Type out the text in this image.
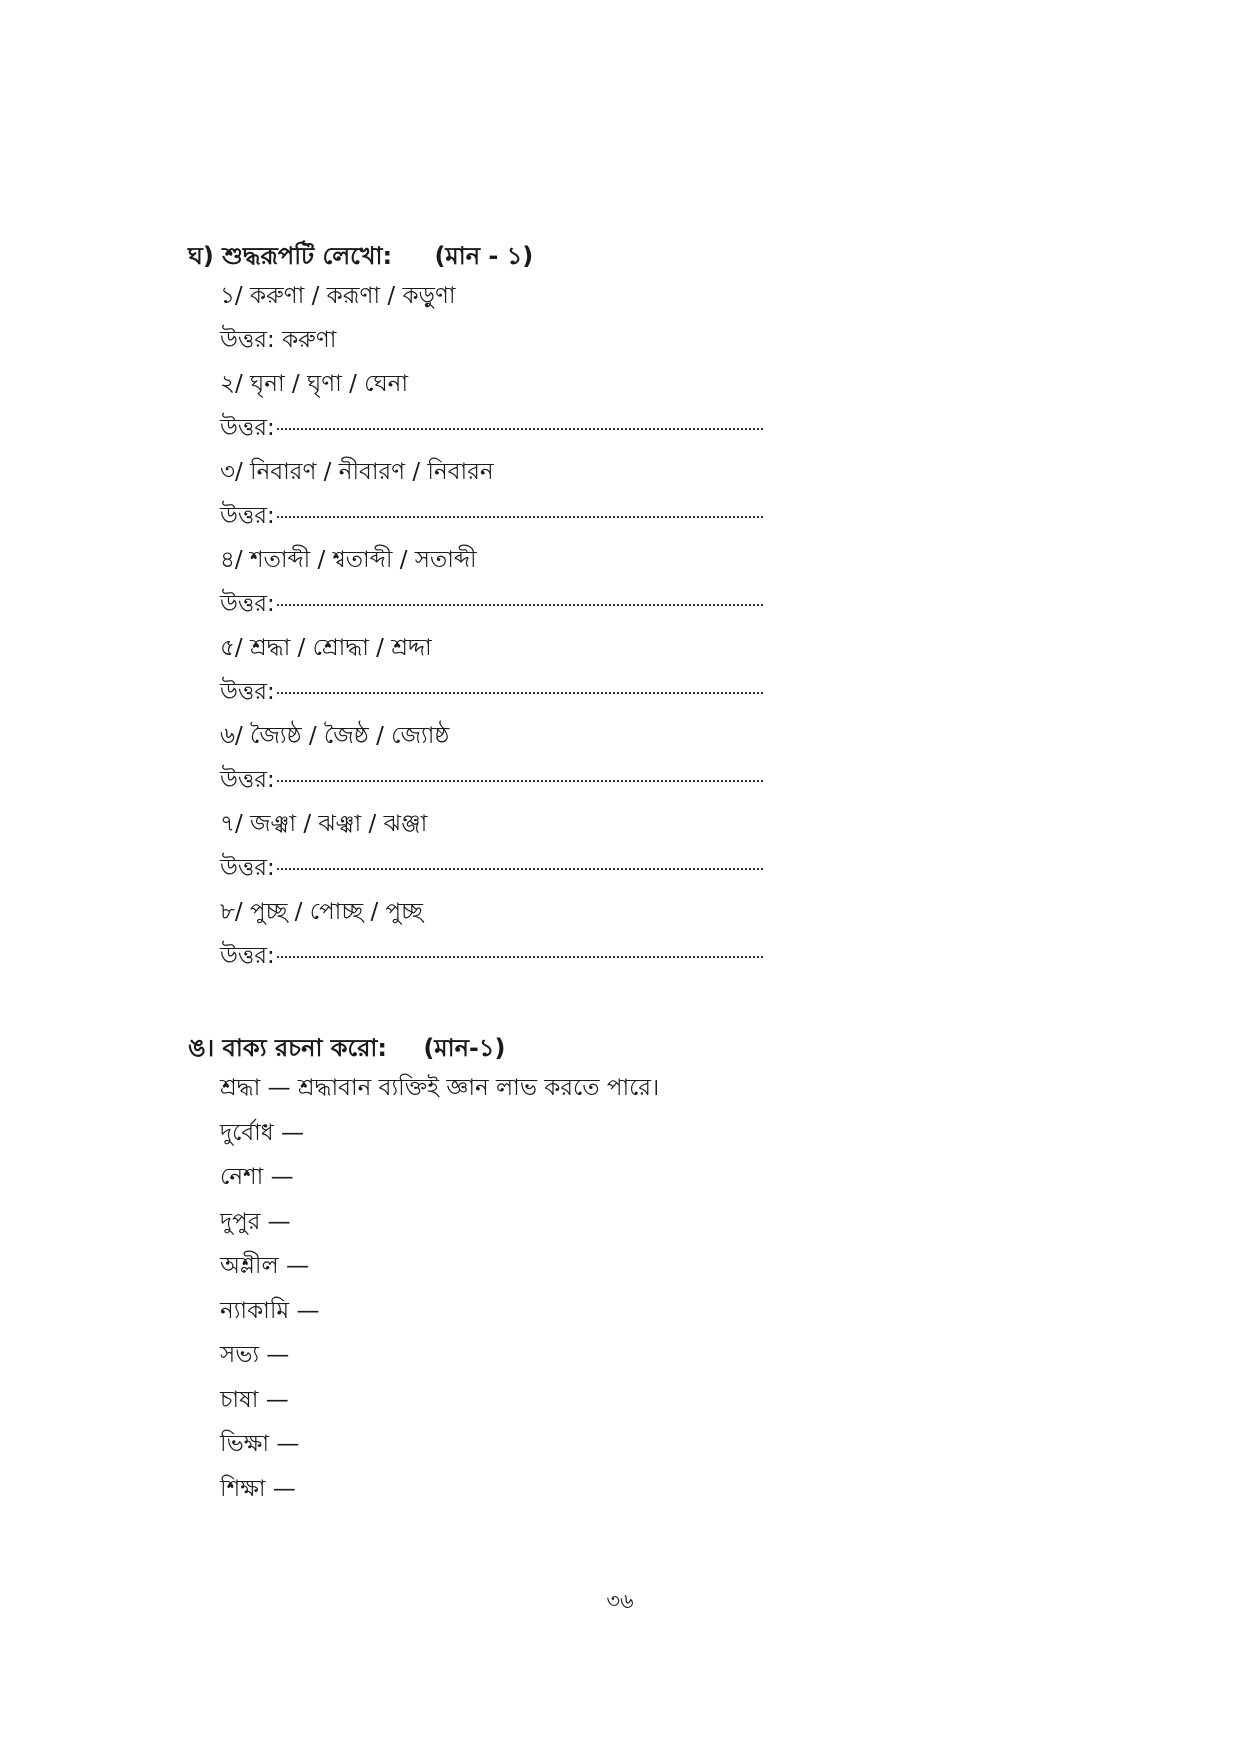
ঘ) শুদ্ধরূপটি লেখো: (মান - ১)
১/ করুণা / করূণা / কড়ুণা
উত্তর: করুণা
২/ ঘৃনা / ঘৃণা / ঘেনা
উত্তর:
৩/ নিবারণ / নীবারণ / নিবারন
উত্তর:
৪/ শতাব্দী / শ্বতাব্দী / সতাব্দী
উত্তর:
৫/ শ্রদ্ধা / শ্রোদ্ধা / শ্রদ্দা
উত্তর:
৬/ জ্যৈষ্ঠ / জৈষ্ঠ / জ্যোষ্ঠ
উত্তর:
৭/ জঞ্ঝা / ঝঞ্ঝা / ঝঞ্জা
উত্তর:
৮/ পুচ্ছ / পোচ্ছ / পুচ্ছ
উত্তর:
ঙ। বাক্য রচনা করো: (মান-১)
শ্রদ্ধা — শ্রদ্ধাবান ব্যক্তিই জ্ঞান লাভ করতে পারে।
দুর্বোধ —
নেশা —
দুপুর —
অশ্লীল —
ন্যাকামি —
সভ্য —
চাষা —
ভিক্ষা —
শিক্ষা —
৩৬
